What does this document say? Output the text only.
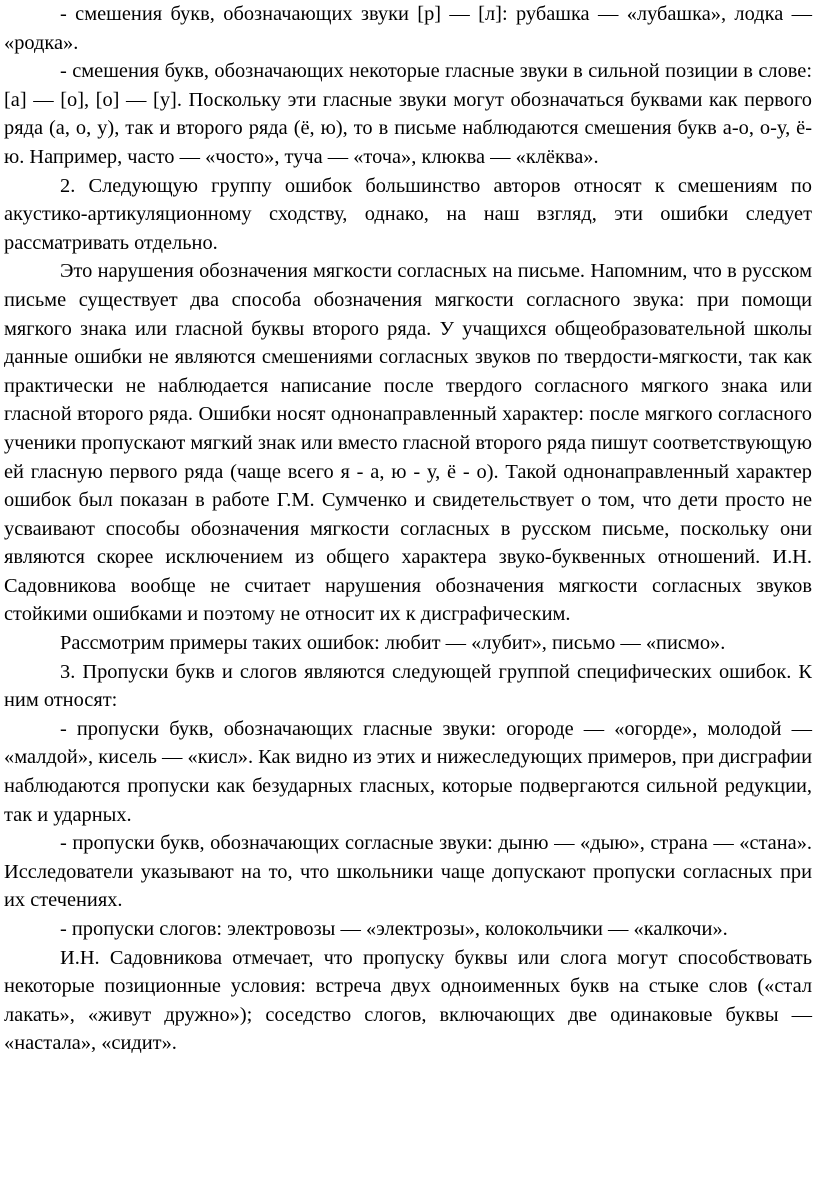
- смешения букв, обозначающих звуки [р] — [л]: рубашка — «лубашка», лодка — «родка».

- смешения букв, обозначающих некоторые гласные звуки в сильной позиции в слове: [а] — [о], [о] — [у]. Поскольку эти гласные звуки могут обозначаться буквами как первого ряда (а, о, у), так и второго ряда (ё, ю), то в письме наблюдаются смешения букв а-о, о-у, ё-ю. Например, часто — «чосто», туча — «точа», клюква — «клёква».

2. Следующую группу ошибок большинство авторов относят к смешениям по акустико-артикуляционному сходству, однако, на наш взгляд, эти ошибки следует рассматривать отдельно.

Это нарушения обозначения мягкости согласных на письме. Напомним, что в русском письме существует два способа обозначения мягкости согласного звука: при помощи мягкого знака или гласной буквы второго ряда. У учащихся общеобразовательной школы данные ошибки не являются смешениями согласных звуков по твердости-мягкости, так как практически не наблюдается написание после твердого согласного мягкого знака или гласной второго ряда. Ошибки носят однонаправленный характер: после мягкого согласного ученики пропускают мягкий знак или вместо гласной второго ряда пишут соответствующую ей гласную первого ряда (чаще всего я - а, ю - у, ё - о). Такой однонаправленный характер ошибок был показан в работе Г.М. Сумченко и свидетельствует о том, что дети просто не усваивают способы обозначения мягкости согласных в русском письме, поскольку они являются скорее исключением из общего характера звуко-буквенных отношений. И.Н. Садовникова вообще не считает нарушения обозначения мягкости согласных звуков стойкими ошибками и поэтому не относит их к дисграфическим.

Рассмотрим примеры таких ошибок: любит — «лубит», письмо — «писмо».

3. Пропуски букв и слогов являются следующей группой специфических ошибок. К ним относят:

- пропуски букв, обозначающих гласные звуки: огороде — «огорде», молодой — «малдой», кисель — «кисл». Как видно из этих и нижеследующих примеров, при дисграфии наблюдаются пропуски как безударных гласных, которые подвергаются сильной редукции, так и ударных.

- пропуски букв, обозначающих согласные звуки: дыню — «дыю», страна — «стана». Исследователи указывают на то, что школьники чаще допускают пропуски согласных при их стечениях.

- пропуски слогов: электровозы — «электрозы», колокольчики — «калкочи».

И.Н. Садовникова отмечает, что пропуску буквы или слога могут способствовать некоторые позиционные условия: встреча двух одноименных букв на стыке слов («стал лакать», «живут дружно»); соседство слогов, включающих две одинаковые буквы — «настала», «сидит».
